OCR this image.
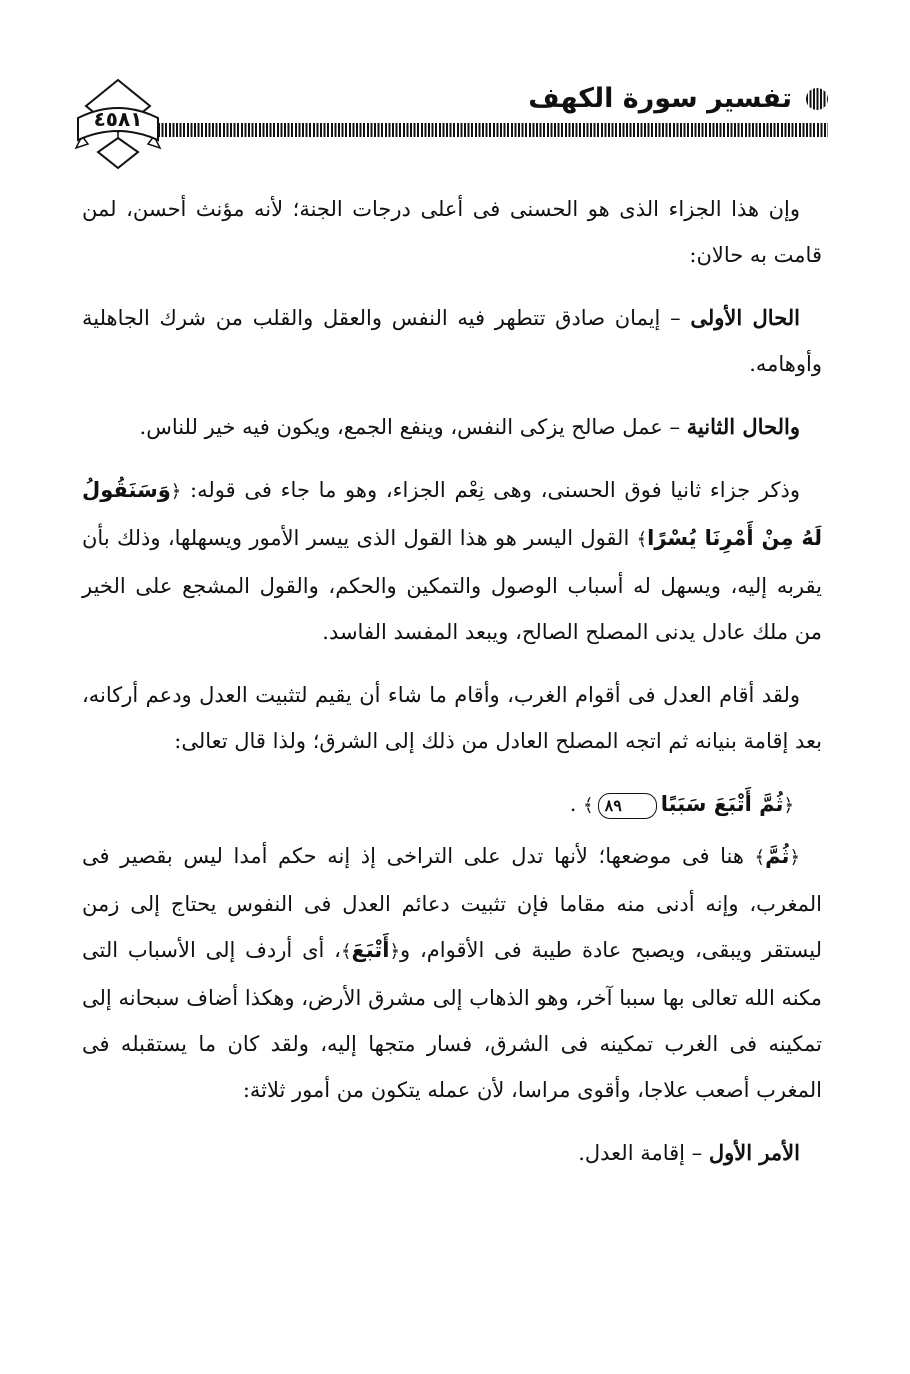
تفسير سورة الكهف
٤٥٨١

وإن هذا الجزاء الذى هو الحسنى فى أعلى درجات الجنة؛ لأنه مؤنث أحسن، لمن قامت به حالان:

الحال الأولى – إيمان صادق تتطهر فيه النفس والعقل والقلب من شرك الجاهلية وأوهامه.

والحال الثانية – عمل صالح يزكى النفس، وينفع الجمع، ويكون فيه خير للناس.

وذكر جزاء ثانيا فوق الحسنى، وهى نِعْم الجزاء، وهو ما جاء فى قوله: ﴿وَسَنَقُولُ لَهُ مِنْ أَمْرِنَا يُسْرًا﴾ القول اليسر هو هذا القول الذى ييسر الأمور ويسهلها، وذلك بأن يقربه إليه، ويسهل له أسباب الوصول والتمكين والحكم، والقول المشجع على الخير من ملك عادل يدنى المصلح الصالح، ويبعد المفسد الفاسد.

ولقد أقام العدل فى أقوام الغرب، وأقام ما شاء أن يقيم لتثبيت العدل ودعم أركانه، بعد إقامة بنيانه ثم اتجه المصلح العادل من ذلك إلى الشرق؛ ولذا قال تعالى:

﴿ثُمَّ أَتْبَعَ سَبَبًا٨٩﴾ .

﴿ثُمَّ﴾ هنا فى موضعها؛ لأنها تدل على التراخى إذ إنه حكم أمدا ليس بقصير فى المغرب، وإنه أدنى منه مقاما فإن تثبيت دعائم العدل فى النفوس يحتاج إلى زمن ليستقر ويبقى، ويصبح عادة طيبة فى الأقوام، و﴿أَتْبَعَ﴾، أى أردف إلى الأسباب التى مكنه الله تعالى بها سببا آخر، وهو الذهاب إلى مشرق الأرض، وهكذا أضاف سبحانه إلى تمكينه فى الغرب تمكينه فى الشرق، فسار متجها إليه، ولقد كان ما يستقبله فى المغرب أصعب علاجا، وأقوى مراسا، لأن عمله يتكون من أمور ثلاثة:

الأمر الأول – إقامة العدل.
